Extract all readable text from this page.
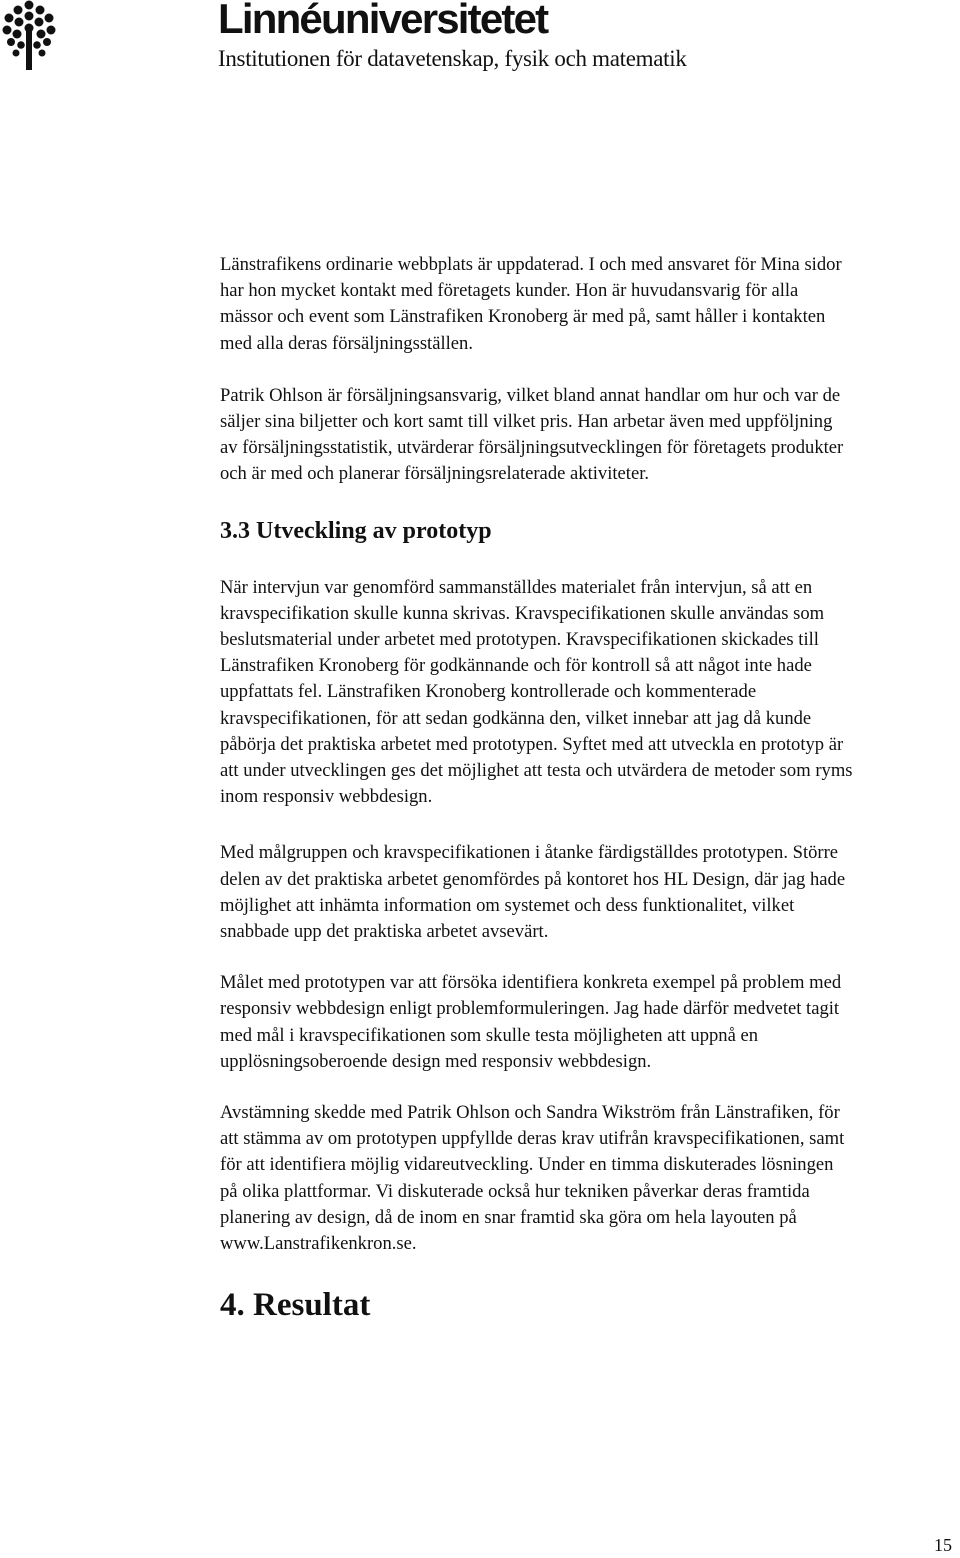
Linnéuniversitetet
Institutionen för datavetenskap, fysik och matematik

Länstrafikens ordinarie webbplats är uppdaterad. I och med ansvaret för Mina sidor
har hon mycket kontakt med företagets kunder. Hon är huvudansvarig för alla
mässor och event som Länstrafiken Kronoberg är med på, samt håller i kontakten
med alla deras försäljningsställen.

Patrik Ohlson är försäljningsansvarig, vilket bland annat handlar om hur och var de
säljer sina biljetter och kort samt till vilket pris. Han arbetar även med uppföljning
av försäljningsstatistik, utvärderar försäljningsutvecklingen för företagets produkter
och är med och planerar försäljningsrelaterade aktiviteter.

3.3 Utveckling av prototyp

När intervjun var genomförd sammanställdes materialet från intervjun, så att en
kravspecifikation skulle kunna skrivas. Kravspecifikationen skulle användas som
beslutsmaterial under arbetet med prototypen. Kravspecifikationen skickades till
Länstrafiken Kronoberg för godkännande och för kontroll så att något inte hade
uppfattats fel. Länstrafiken Kronoberg kontrollerade och kommenterade
kravspecifikationen, för att sedan godkänna den, vilket innebar att jag då kunde
påbörja det praktiska arbetet med prototypen. Syftet med att utveckla en prototyp är
att under utvecklingen ges det möjlighet att testa och utvärdera de metoder som ryms
inom responsiv webbdesign.

Med målgruppen och kravspecifikationen i åtanke färdigställdes prototypen. Större
delen av det praktiska arbetet genomfördes på kontoret hos HL Design, där jag hade
möjlighet att inhämta information om systemet och dess funktionalitet, vilket
snabbade upp det praktiska arbetet avsevärt.

Målet med prototypen var att försöka identifiera konkreta exempel på problem med
responsiv webbdesign enligt problemformuleringen. Jag hade därför medvetet tagit
med mål i kravspecifikationen som skulle testa möjligheten att uppnå en
upplösningsoberoende design med responsiv webbdesign.

Avstämning skedde med Patrik Ohlson och Sandra Wikström från Länstrafiken, för
att stämma av om prototypen uppfyllde deras krav utifrån kravspecifikationen, samt
för att identifiera möjlig vidareutveckling. Under en timma diskuterades lösningen
på olika plattformar. Vi diskuterade också hur tekniken påverkar deras framtida
planering av design, då de inom en snar framtid ska göra om hela layouten på
www.Lanstrafikenkron.se.

4. Resultat
15
